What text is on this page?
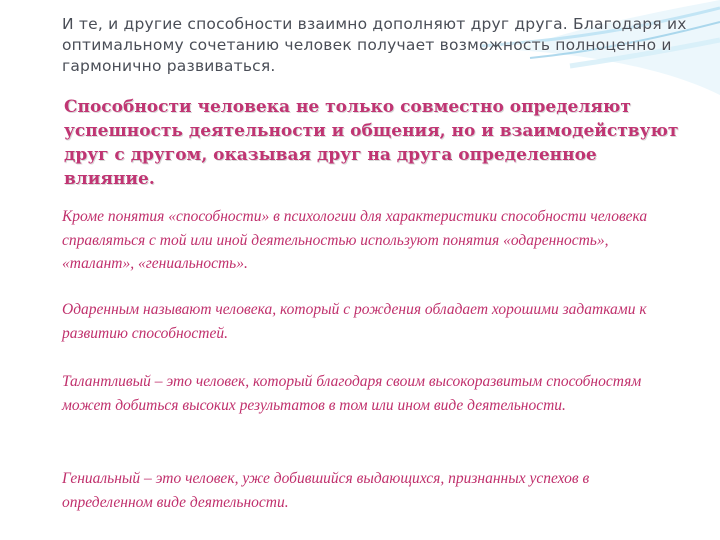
И те, и другие способности взаимно дополняют друг друга. Благодаря их оптимальному сочетанию человек получает возможность полноценно и гармонично развиваться.

Способности человека не только совместно определяют успешность деятельности и общения, но и взаимодействуют друг с другом, оказывая друг на друга определенное влияние.

Кроме понятия «способности» в психологии для характеристики способности человека справляться с той или иной деятельностью используют понятия «одаренность», «талант», «гениальность».

Одаренным называют человека, который с рождения обладает хорошими задатками к развитию способностей.

Талантливый – это человек, который благодаря своим высокоразвитым способностям может добиться высоких результатов в том или ином виде деятельности.

Гениальный – это человек, уже добившийся выдающихся, признанных успехов в определенном виде деятельности.
